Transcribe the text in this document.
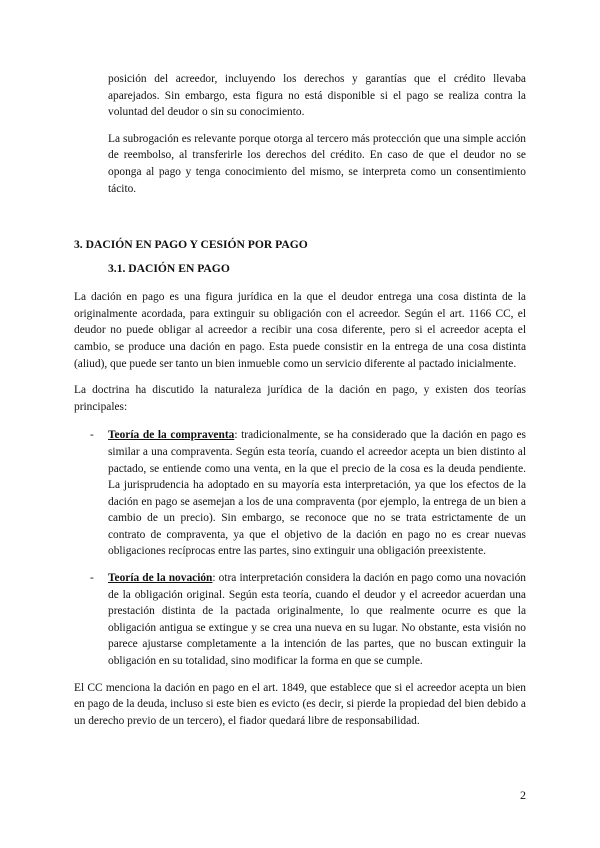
posición del acreedor, incluyendo los derechos y garantías que el crédito llevaba aparejados. Sin embargo, esta figura no está disponible si el pago se realiza contra la voluntad del deudor o sin su conocimiento.

La subrogación es relevante porque otorga al tercero más protección que una simple acción de reembolso, al transferirle los derechos del crédito. En caso de que el deudor no se oponga al pago y tenga conocimiento del mismo, se interpreta como un consentimiento tácito.

3. DACIÓN EN PAGO Y CESIÓN POR PAGO
3.1. DACIÓN EN PAGO

La dación en pago es una figura jurídica en la que el deudor entrega una cosa distinta de la originalmente acordada, para extinguir su obligación con el acreedor. Según el art. 1166 CC, el deudor no puede obligar al acreedor a recibir una cosa diferente, pero si el acreedor acepta el cambio, se produce una dación en pago. Esta puede consistir en la entrega de una cosa distinta (aliud), que puede ser tanto un bien inmueble como un servicio diferente al pactado inicialmente.

La doctrina ha discutido la naturaleza jurídica de la dación en pago, y existen dos teorías principales:

- Teoría de la compraventa: tradicionalmente, se ha considerado que la dación en pago es similar a una compraventa. Según esta teoría, cuando el acreedor acepta un bien distinto al pactado, se entiende como una venta, en la que el precio de la cosa es la deuda pendiente. La jurisprudencia ha adoptado en su mayoría esta interpretación, ya que los efectos de la dación en pago se asemejan a los de una compraventa (por ejemplo, la entrega de un bien a cambio de un precio). Sin embargo, se reconoce que no se trata estrictamente de un contrato de compraventa, ya que el objetivo de la dación en pago no es crear nuevas obligaciones recíprocas entre las partes, sino extinguir una obligación preexistente.

- Teoría de la novación: otra interpretación considera la dación en pago como una novación de la obligación original. Según esta teoría, cuando el deudor y el acreedor acuerdan una prestación distinta de la pactada originalmente, lo que realmente ocurre es que la obligación antigua se extingue y se crea una nueva en su lugar. No obstante, esta visión no parece ajustarse completamente a la intención de las partes, que no buscan extinguir la obligación en su totalidad, sino modificar la forma en que se cumple.

El CC menciona la dación en pago en el art. 1849, que establece que si el acreedor acepta un bien en pago de la deuda, incluso si este bien es evicto (es decir, si pierde la propiedad del bien debido a un derecho previo de un tercero), el fiador quedará libre de responsabilidad.

2
